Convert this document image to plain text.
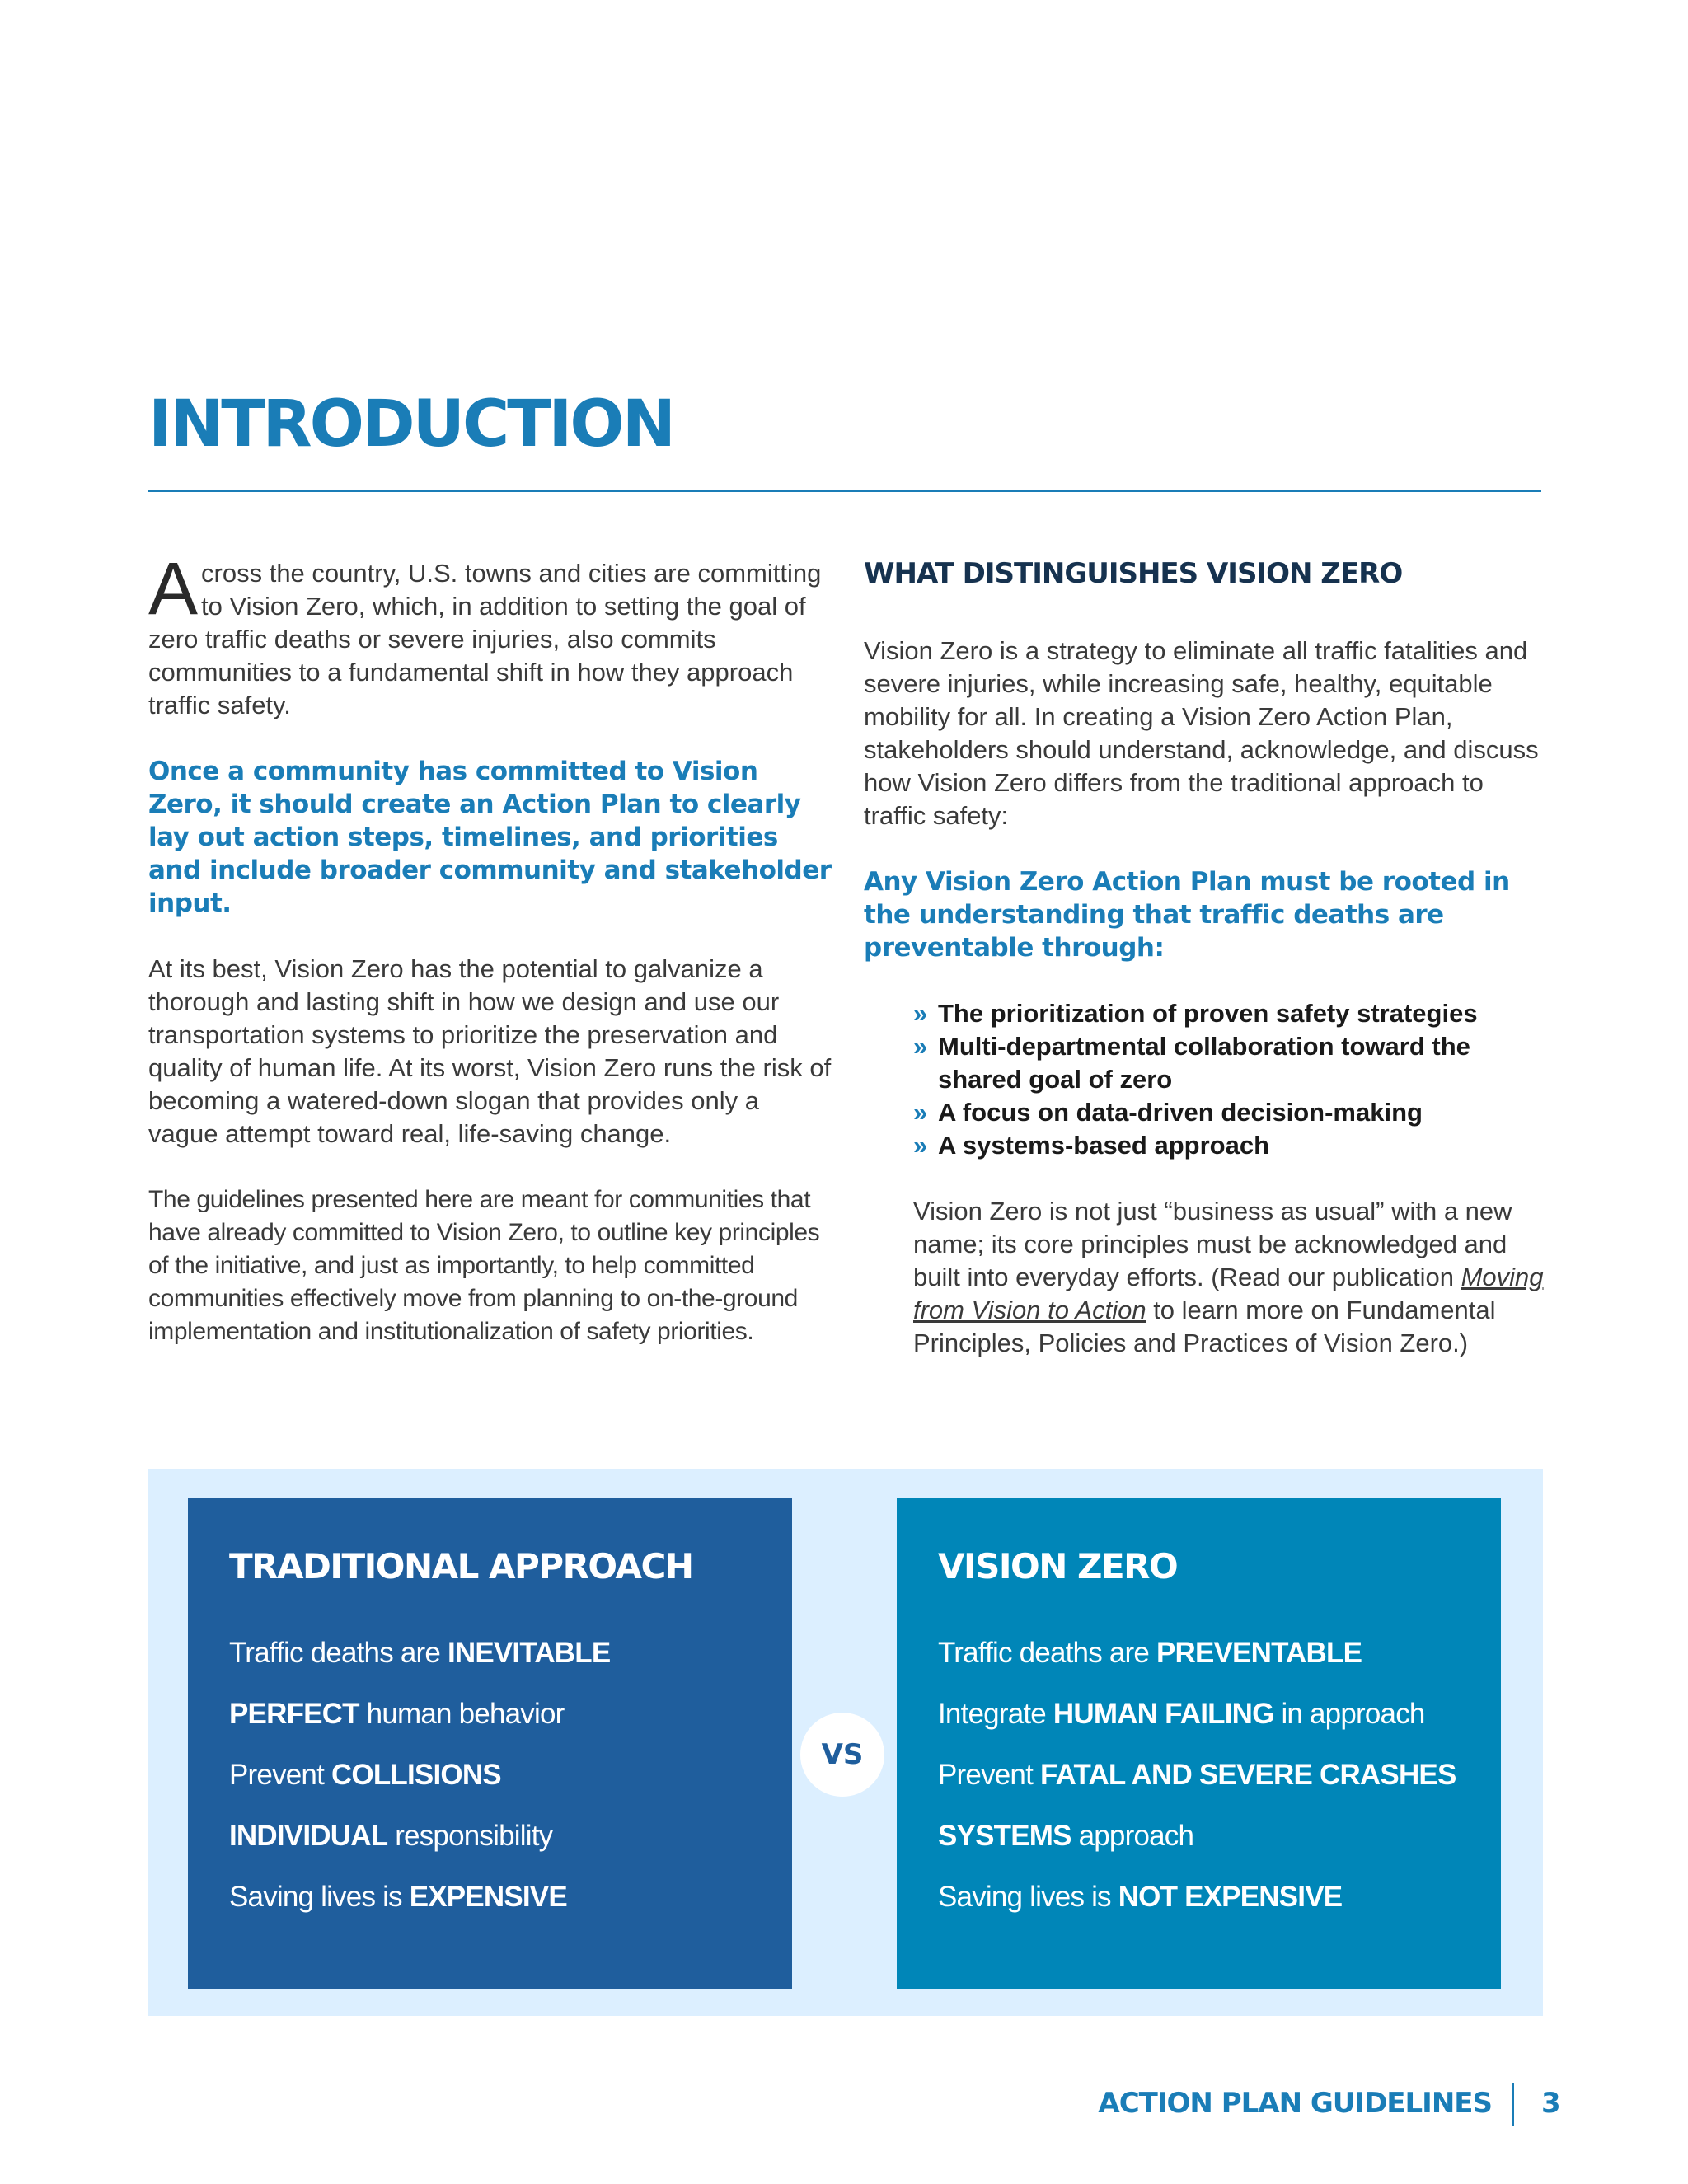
INTRODUCTION

Across the country, U.S. towns and cities are committing to Vision Zero, which, in addition to setting the goal of zero traffic deaths or severe injuries, also commits communities to a fundamental shift in how they approach traffic safety.

Once a community has committed to Vision Zero, it should create an Action Plan to clearly lay out action steps, timelines, and priorities and include broader community and stakeholder input.

At its best, Vision Zero has the potential to galvanize a thorough and lasting shift in how we design and use our transportation systems to prioritize the preservation and quality of human life. At its worst, Vision Zero runs the risk of becoming a watered-down slogan that provides only a vague attempt toward real, life-saving change.

The guidelines presented here are meant for communities that have already committed to Vision Zero, to outline key principles of the initiative, and just as importantly, to help committed communities effectively move from planning to on-the-ground implementation and institutionalization of safety priorities.

WHAT DISTINGUISHES VISION ZERO

Vision Zero is a strategy to eliminate all traffic fatalities and severe injuries, while increasing safe, healthy, equitable mobility for all. In creating a Vision Zero Action Plan, stakeholders should understand, acknowledge, and discuss how Vision Zero differs from the traditional approach to traffic safety:

Any Vision Zero Action Plan must be rooted in the understanding that traffic deaths are preventable through:

» The prioritization of proven safety strategies
» Multi-departmental collaboration toward the shared goal of zero
» A focus on data-driven decision-making
» A systems-based approach

Vision Zero is not just “business as usual” with a new name; its core principles must be acknowledged and built into everyday efforts. (Read our publication Moving from Vision to Action to learn more on Fundamental Principles, Policies and Practices of Vision Zero.)

TRADITIONAL APPROACH
Traffic deaths are INEVITABLE
PERFECT human behavior
Prevent COLLISIONS
INDIVIDUAL responsibility
Saving lives is EXPENSIVE
VS
VISION ZERO
Traffic deaths are PREVENTABLE
Integrate HUMAN FAILING in approach
Prevent FATAL AND SEVERE CRASHES
SYSTEMS approach
Saving lives is NOT EXPENSIVE

ACTION PLAN GUIDELINES 3
